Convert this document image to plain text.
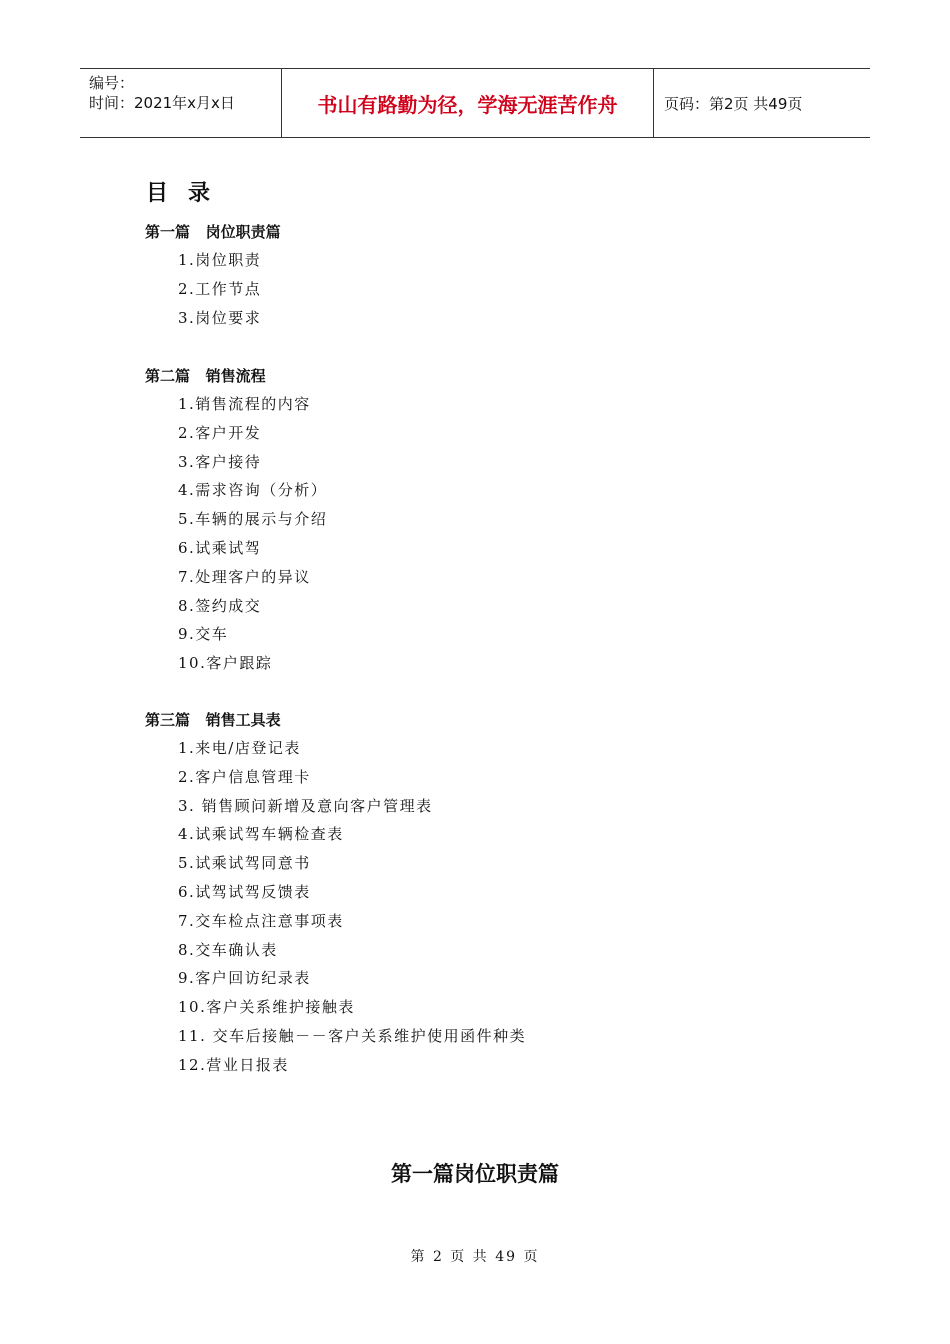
编号：
时间：2021年x月x日	书山有路勤为径，学海无涯苦作舟	页码：第2页 共49页
目录
第一篇   岗位职责篇
1.岗位职责
2.工作节点
3.岗位要求
第二篇   销售流程
1.销售流程的内容
2.客户开发
3.客户接待
4.需求咨询（分析）
5.车辆的展示与介绍
6.试乘试驾
7.处理客户的异议
8.签约成交
9.交车
10.客户跟踪
第三篇   销售工具表
1.来电/店登记表
2.客户信息管理卡
3. 销售顾问新增及意向客户管理表
4.试乘试驾车辆检查表
5.试乘试驾同意书
6.试驾试驾反馈表
7.交车检点注意事项表
8.交车确认表
9.客户回访纪录表
10.客户关系维护接触表
11. 交车后接触－－客户关系维护使用函件种类
12.营业日报表
第一篇岗位职责篇
第 2 页 共 49 页
